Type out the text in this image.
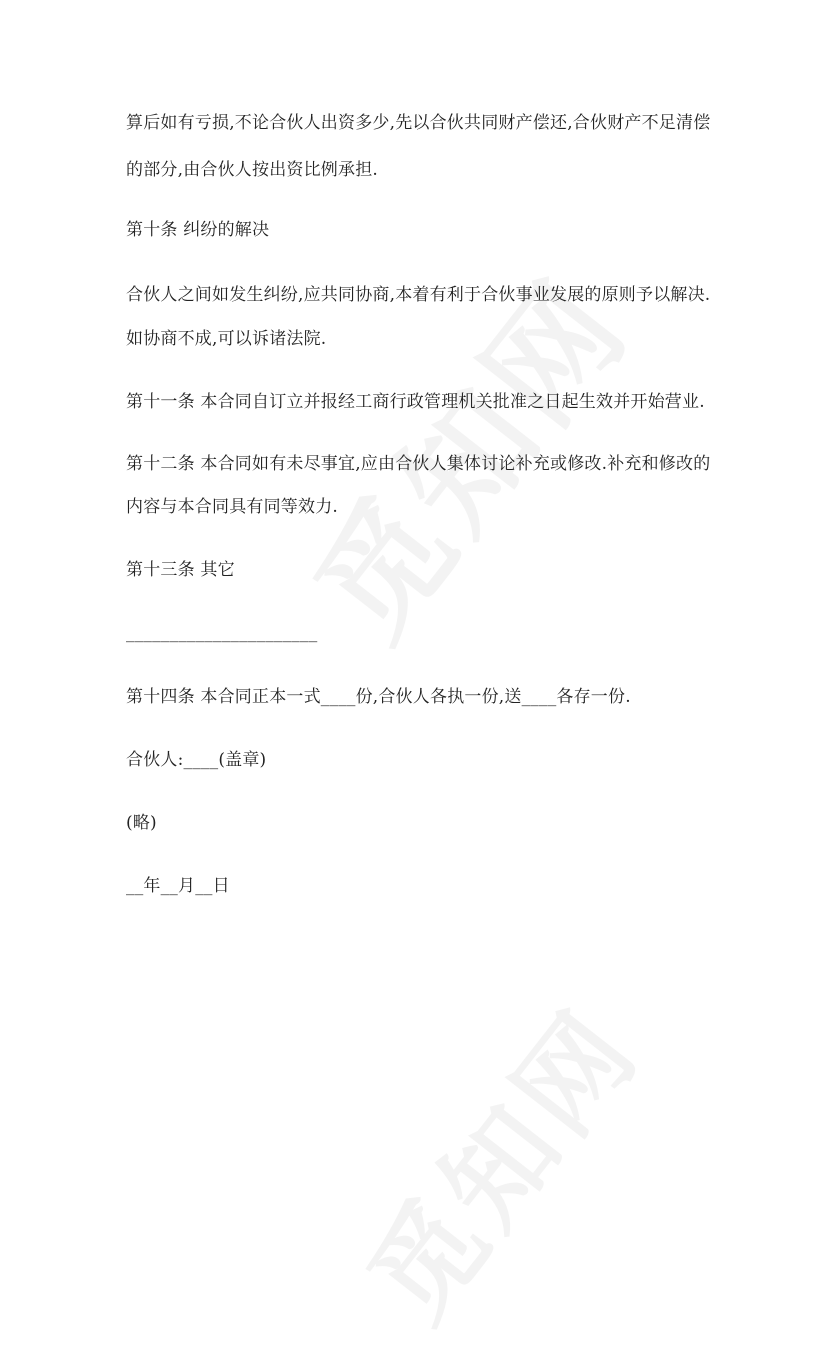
算后如有亏损,不论合伙人出资多少,先以合伙共同财产偿还,合伙财产不足清偿
的部分,由合伙人按出资比例承担.
第十条 纠纷的解决
合伙人之间如发生纠纷,应共同协商,本着有利于合伙事业发展的原则予以解决.
如协商不成,可以诉诸法院.
第十一条 本合同自订立并报经工商行政管理机关批准之日起生效并开始营业.
第十二条 本合同如有未尽事宜,应由合伙人集体讨论补充或修改.补充和修改的
内容与本合同具有同等效力.
第十三条 其它
______________________
第十四条 本合同正本一式____份,合伙人各执一份,送____各存一份.
合伙人:____(盖章)
(略)
__年__月__日
